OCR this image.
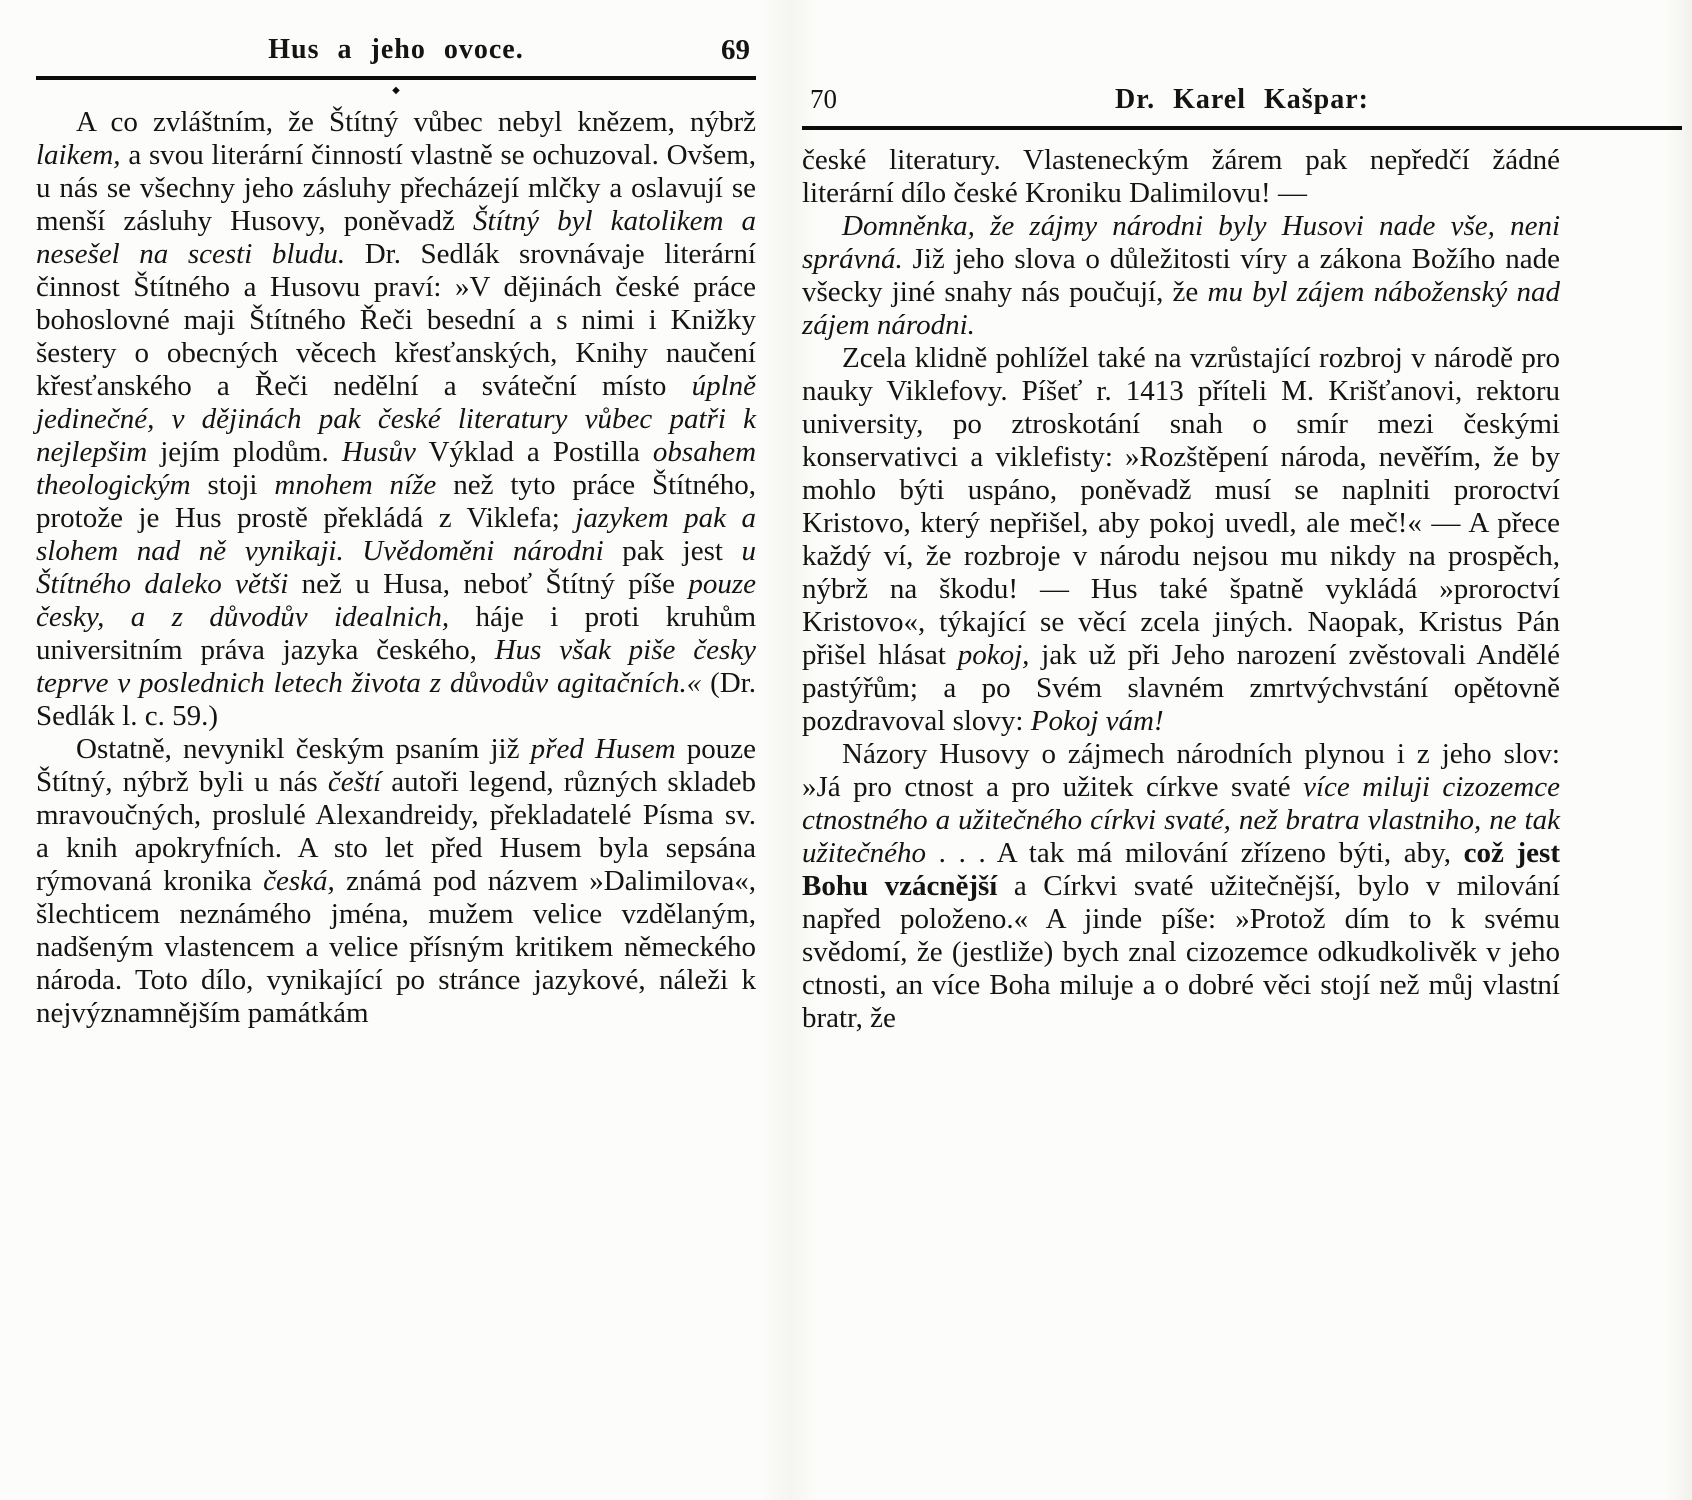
Hus a jeho ovoce.	69
◆

A co zvláštním, že Štítný vůbec nebyl knězem, nýbrž laikem, a svou literární činností vlastně se ochuzoval. Ovšem, u nás se všechny jeho zásluhy přecházejí mlčky a oslavují se menší zásluhy Husovy, poněvadž Štítný byl katolikem a nesešel na scesti bludu. Dr. Sedlák srovnávaje literární činnost Štítného a Husovu praví: »V dějinách české práce bohoslovné maji Štítného Řeči besední a s nimi i Knižky šestery o obecných věcech křesťanských, Knihy naučení křesťanského a Řeči nedělní a sváteční místo úplně jedinečné, v dějinách pak české literatury vůbec patři k nejlepšim jejím plodům. Husův Výklad a Postilla obsahem theologickým stoji mnohem níže než tyto práce Štítného, protože je Hus prostě překládá z Viklefa; jazykem pak a slohem nad ně vynikaji. Uvědoměni národni pak jest u Štítného daleko větši než u Husa, neboť Štítný píše pouze česky, a z důvodův idealnich, háje i proti kruhům universitním práva jazyka českého, Hus však piše česky teprve v poslednich letech života z důvodův agitačních.« (Dr. Sedlák l. c. 59.)

Ostatně, nevynikl českým psaním již před Husem pouze Štítný, nýbrž byli u nás čeští autoři legend, různých skladeb mravoučných, proslulé Alexandreidy, překladatelé Písma sv. a knih apokryfních. A sto let před Husem byla sepsána rýmovaná kronika česká, známá pod názvem »Dalimilova«, šlechticem neznámého jména, mužem velice vzdělaným, nadšeným vlastencem a velice přísným kritikem německého národa. Toto dílo, vynikající po stránce jazykové, náleži k nejvýznamnějším památkám

70	Dr. Karel Kašpar:

české literatury. Vlasteneckým žárem pak nepředčí žádné literární dílo české Kroniku Dalimilovu! —

Domněnka, že zájmy národni byly Husovi nade vše, neni správná. Již jeho slova o důležitosti víry a zákona Božího nade všecky jiné snahy nás poučují, že mu byl zájem náboženský nad zájem národni.

Zcela klidně pohlížel také na vzrůstající rozbroj v národě pro nauky Viklefovy. Píšeť r. 1413 příteli M. Krišťanovi, rektoru university, po ztroskotání snah o smír mezi českými konservativci a viklefisty: »Rozštěpení národa, nevěřím, že by mohlo býti uspáno, poněvadž musí se naplniti proroctví Kristovo, který nepřišel, aby pokoj uvedl, ale meč!« — A přece každý ví, že rozbroje v národu nejsou mu nikdy na prospěch, nýbrž na škodu! — Hus také špatně vykládá »proroctví Kristovo«, týkající se věcí zcela jiných. Naopak, Kristus Pán přišel hlásat pokoj, jak už při Jeho narození zvěstovali Andělé pastýřům; a po Svém slavném zmrtvýchvstání opětovně pozdravoval slovy: Pokoj vám!

Názory Husovy o zájmech národních plynou i z jeho slov: »Já pro ctnost a pro užitek církve svaté více miluji cizozemce ctnostného a užitečného církvi svaté, než bratra vlastniho, ne tak užitečného . . . A tak má milování zřízeno býti, aby, což jest Bohu vzácnější a Církvi svaté užitečnější, bylo v milování napřed položeno.« A jinde píše: »Protož dím to k svému svědomí, že (jestliže) bych znal cizozemce odkudkolivěk v jeho ctnosti, an více Boha miluje a o dobré věci stojí než můj vlastní bratr, že
